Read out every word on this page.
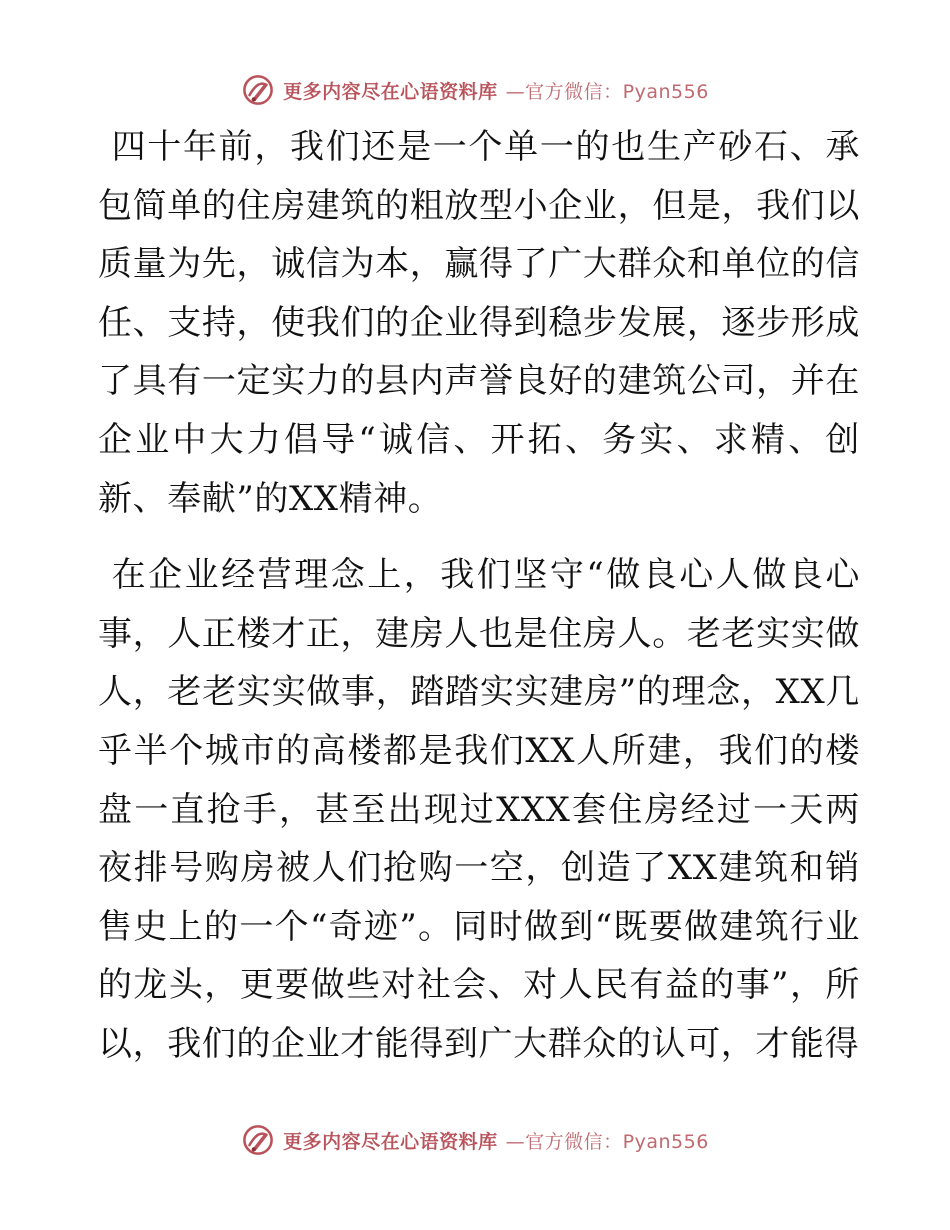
更多内容尽在心语资料库 —官方微信：Pyan556

四十年前，我们还是一个单一的也生产砂石、承包简单的住房建筑的粗放型小企业，但是，我们以质量为先，诚信为本，赢得了广大群众和单位的信任、支持，使我们的企业得到稳步发展，逐步形成了具有一定实力的县内声誉良好的建筑公司，并在企业中大力倡导“诚信、开拓、务实、求精、创新、奉献”的XX精神。

在企业经营理念上，我们坚守“做良心人做良心事，人正楼才正，建房人也是住房人。老老实实做人，老老实实做事，踏踏实实建房”的理念，XX几乎半个城市的高楼都是我们XX人所建，我们的楼盘一直抢手，甚至出现过XXX套住房经过一天两夜排号购房被人们抢购一空，创造了XX建筑和销售史上的一个“奇迹”。同时做到“既要做建筑行业的龙头，更要做些对社会、对人民有益的事”，所以，我们的企业才能得到广大群众的认可，才能得

更多内容尽在心语资料库 —官方微信：Pyan556
